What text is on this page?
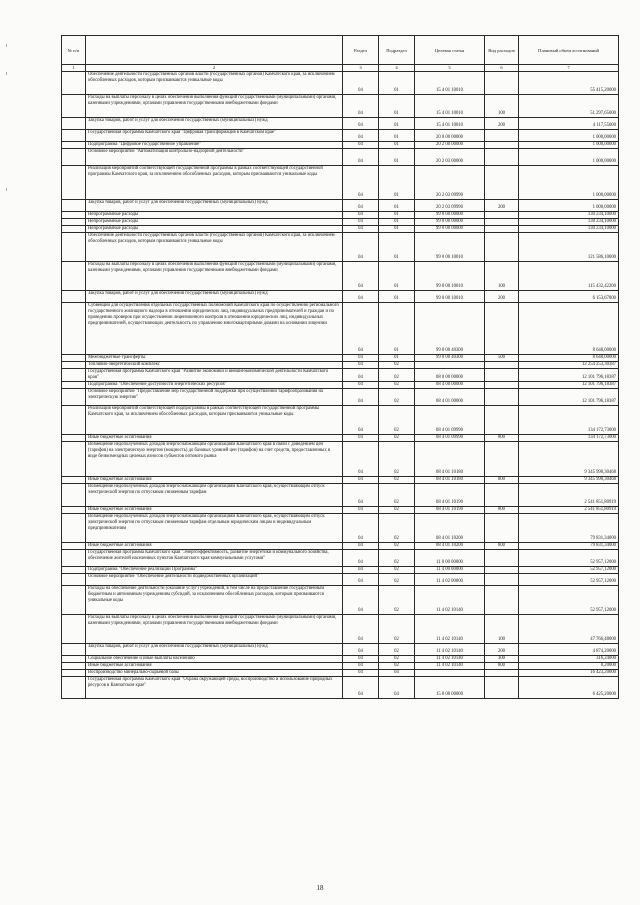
№ п/п		Раздел	Подраздел	Целевая статья	Вид расходов	Плановый объем ассигнований
1	2	3	4	5	6	7
	Обеспечение деятельности государственных органов власти (государственных органов) Камчатского края, за исключением обособленных расходов, которым присваиваются уникальные коды	04	01	15 4 01 10010		55 415,20000
	Расходы на выплаты персоналу в целях обеспечения выполнения функций государственными (муниципальными) органами, казенными учреждениями, органами управления государственными внебюджетными фондами	04	01	15 4 01 10010	100	51 297,65000
	Закупка товаров, работ и услуг для обеспечения государственных (муниципальных) нужд	04	01	15 4 01 10010	200	4 117,55000
	Государственная программа Камчатского края "Цифровая трансформация в Камчатском крае"	04	01	20 0 00 00000		1 000,00000
	Подпрограмма "Цифровое государственное управление"	04	01	20 2 00 00000		1 000,00000
	Основное мероприятие "Автоматизация контрольно-надзорной деятельности"	04	01	20 2 03 00000		1 000,00000
	Реализация мероприятий соответствующей государственной программы в рамках соответствующей государственной программы Камчатского края, за исключением обособленных расходов, которым присваиваются уникальные коды	04	01	20 2 03 09990		1 000,00000
	Закупка товаров, работ и услуг для обеспечения государственных (муниципальных) нужд	04	01	20 2 03 09990	200	1 000,00000
	Непрограммные расходы	04	01	99 0 00 00000		130 234,10000
	Непрограммные расходы	04	01	99 0 00 00000		130 234,10000
	Непрограммные расходы	04	01	99 0 00 00000		130 234,10000
	Обеспечение деятельности государственных органов власти (государственных органов) Камчатского края, за исключением обособленных расходов, которым присваиваются уникальные коды	04	01	99 0 00 10010		121 586,10000
	Расходы на выплаты персоналу в целях обеспечения выполнения функций государственными (муниципальными) органами, казенными учреждениями, органами управления государственными внебюджетными фондами	04	01	99 0 00 10010	100	115 432,42200
	Закупка товаров, работ и услуг для обеспечения государственных (муниципальных) нужд	04	01	99 0 00 10010	200	6 153,67800
	Субвенции для осуществления отдельных государственных полномочий Камчатского края по осуществлению регионального государственного жилищного надзора в отношении юридических лиц, индивидуальных предпринимателей и граждан и по проведению проверок при осуществлении лицензионного контроля в отношении юридических лиц, индивидуальных предпринимателей, осуществляющих деятельность по управлению многоквартирными домами на основании лицензии	04	01	99 0 00 40300		8 648,00000
	Межбюджетные трансферты	04	01	99 0 00 40300	500	8 648,00000
	Топливно-энергетический комплекс	04	02			12 254 253,30387
	Государственная программа Камчатского края "Развитие экономики и внешнеэкономической деятельности Камчатского края"	04	02	08 0 00 00000		12 101 796,18387
	Подпрограмма "Обеспечение доступности энергетических ресурсов"	04	02	08 4 00 00000		12 101 796,18387
	Основное мероприятие "Предоставление мер государственной поддержки при осуществлении тарифообразования на электрическую энергию"	04	02	08 4 01 00000		12 101 796,18387
	Реализация мероприятий соответствующей подпрограммы в рамках соответствующей государственной программы Камчатского края, за исключением обособленных расходов, которым присваиваются уникальные коды	04	02	08 4 01 09990		134 172,73000
	Иные бюджетные ассигнования	04	02	08 4 01 09990	800	134 172,73000
	Возмещение недополученных доходов энергоснабжающим организациям Камчатского края в связи с доведением цен (тарифов) на электрическую энергию (мощность) до базовых уровней цен (тарифов) на счет средств, предоставленных в виде безвозмездных целевых взносов субъектов оптового рынка	04	02	08 4 01 10180		9 345 990,30468
	Иные бюджетные ассигнования	04	02	08 4 01 10180	800	9 345 990,30468
	Возмещение недополученных доходов энергоснабжающим организациям Камчатского края, осуществляющим отпуск электрической энергии по отпускным сниженным тарифам	04	02	08 4 01 10190		2 541 851,80919
	Иные бюджетные ассигнования	04	02	08 4 01 10190	800	2 541 851,80919
	Возмещение недополученных доходов энергоснабжающим организациям Камчатского края, осуществляющим отпуск электрической энергии по отпускным сниженным тарифам отдельным юридическим лицам и индивидуальным предпринимателям	04	02	08 4 01 10200		79 831,34000
	Иные бюджетные ассигнования	04	02	08 4 01 10200	800	79 831,34000
	Государственная программа Камчатского края "Энергоэффективность, развитие энергетики и коммунального хозяйства, обеспечение жителей населенных пунктов Камчатского края коммунальными услугами"	04	02	11 0 00 00000		52 957,12000
	Подпрограмма "Обеспечение реализации Программы"	04	02	11 4 00 00000		52 957,12000
	Основное мероприятие "Обеспечение деятельности подведомственных организаций"	04	02	11 4 02 00000		52 957,12000
	Расходы на обеспечение деятельности (оказание услуг) учреждений, в том числе на предоставление государственным бюджетным и автономным учреждениям субсидий, за исключением обособленных расходов, которым присваиваются уникальные коды	04	02	11 4 02 10140		52 957,12000
	Расходы на выплаты персоналу в целях обеспечения выполнения функций государственными (муниципальными) органами, казенными учреждениями, органами управления государственными внебюджетными фондами	04	02	11 4 02 10140	100	47 766,48000
	Закупка товаров, работ и услуг для обеспечения государственных (муниципальных) нужд	04	02	11 4 02 10140	200	4 874,20000
	Социальное обеспечение и иные выплаты населению	04	02	11 4 02 10140	300	316,24000
	Иные бюджетные ассигнования	04	02	11 4 02 10140	800	0,20000
	Воспроизводство минерально-сырьевой базы	04	04			16 423,20000
	Государственная программа Камчатского края "Охрана окружающей среды, воспроизводство и использование природных ресурсов в Камчатском крае"	04	04	15 0 00 00000		6 425,20000
18
